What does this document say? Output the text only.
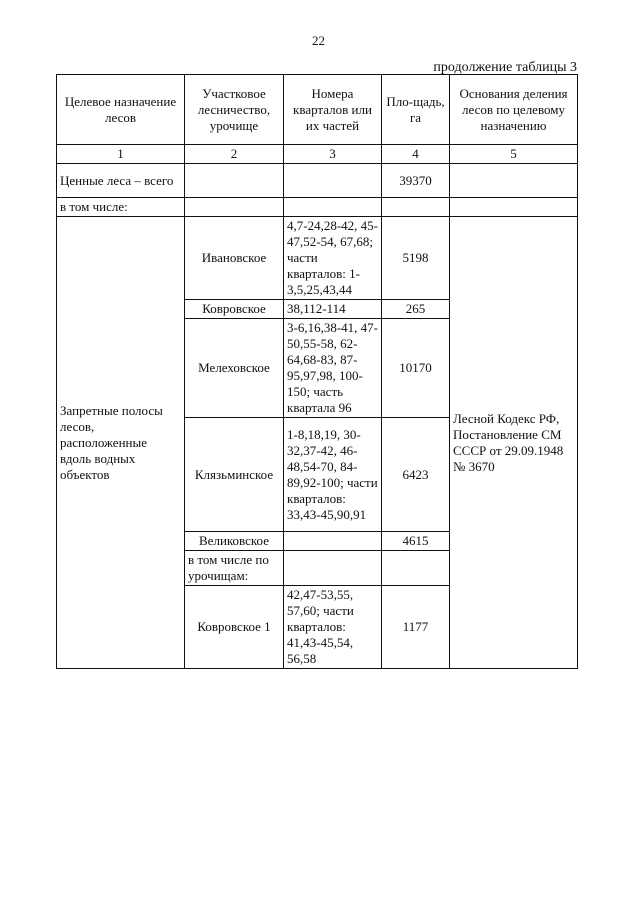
22
продолжение таблицы 3
Целевое назначение лесов	Участковое лесничество, урочище	Номера кварталов или их частей	Пло-щадь, га	Основания деления лесов по целевому назначению
1	2	3	4	5
Ценные леса – всего			39370	
в том числе:				
Запретные полосы лесов, расположенные вдоль водных объектов	Ивановское	4,7-24,28-42, 45-47,52-54, 67,68; части кварталов: 1-3,5,25,43,44	5198	Лесной Кодекс РФ, Постановление СМ СССР от 29.09.1948 № 3670
	Ковровское	38,112-114	265	
	Мелеховское	3-6,16,38-41, 47-50,55-58, 62-64,68-83, 87-95,97,98, 100-150; часть квартала 96	10170	
	Клязьминское	1-8,18,19, 30-32,37-42, 46-48,54-70, 84-89,92-100; части кварталов: 33,43-45,90,91	6423	
	Великовское		4615	
	в том числе по урочищам:			
	Ковровское 1	42,47-53,55, 57,60; части кварталов: 41,43-45,54, 56,58	1177	
